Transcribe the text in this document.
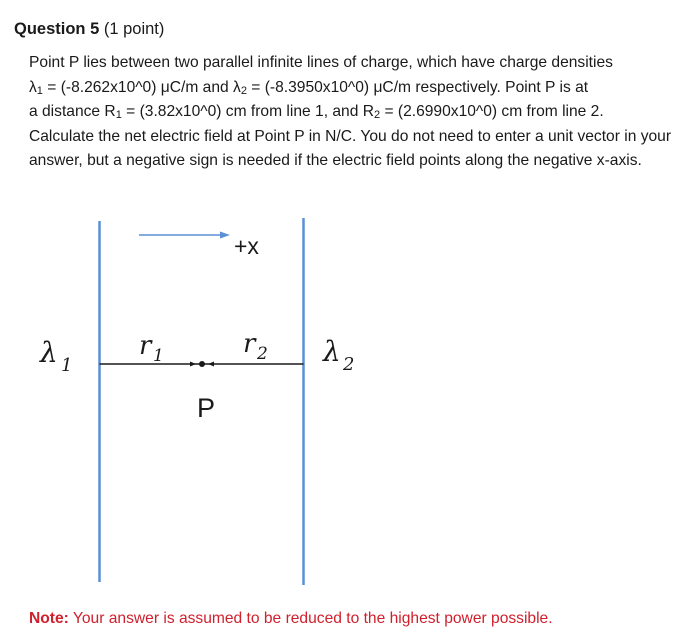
Question 5 (1 point)

Point P lies between two parallel infinite lines of charge, which have charge densities
$\lambda_1$ = (-8.262x10^0) μC/m and $\lambda_2$ = (-8.3950x10^0) μC/m respectively. Point P is at
a distance $R_1$ = (3.82x10^0) cm from line 1, and $R_2$ = (2.6990x10^0) cm from line 2.
Calculate the net electric field at Point P in N/C. You do not need to enter a unit vector in your answer, but a negative sign is needed if the electric field points along the negative x-axis.

+x
P
λ 1	λ 2
r 1	r 2
Note: Your answer is assumed to be reduced to the highest power possible.
